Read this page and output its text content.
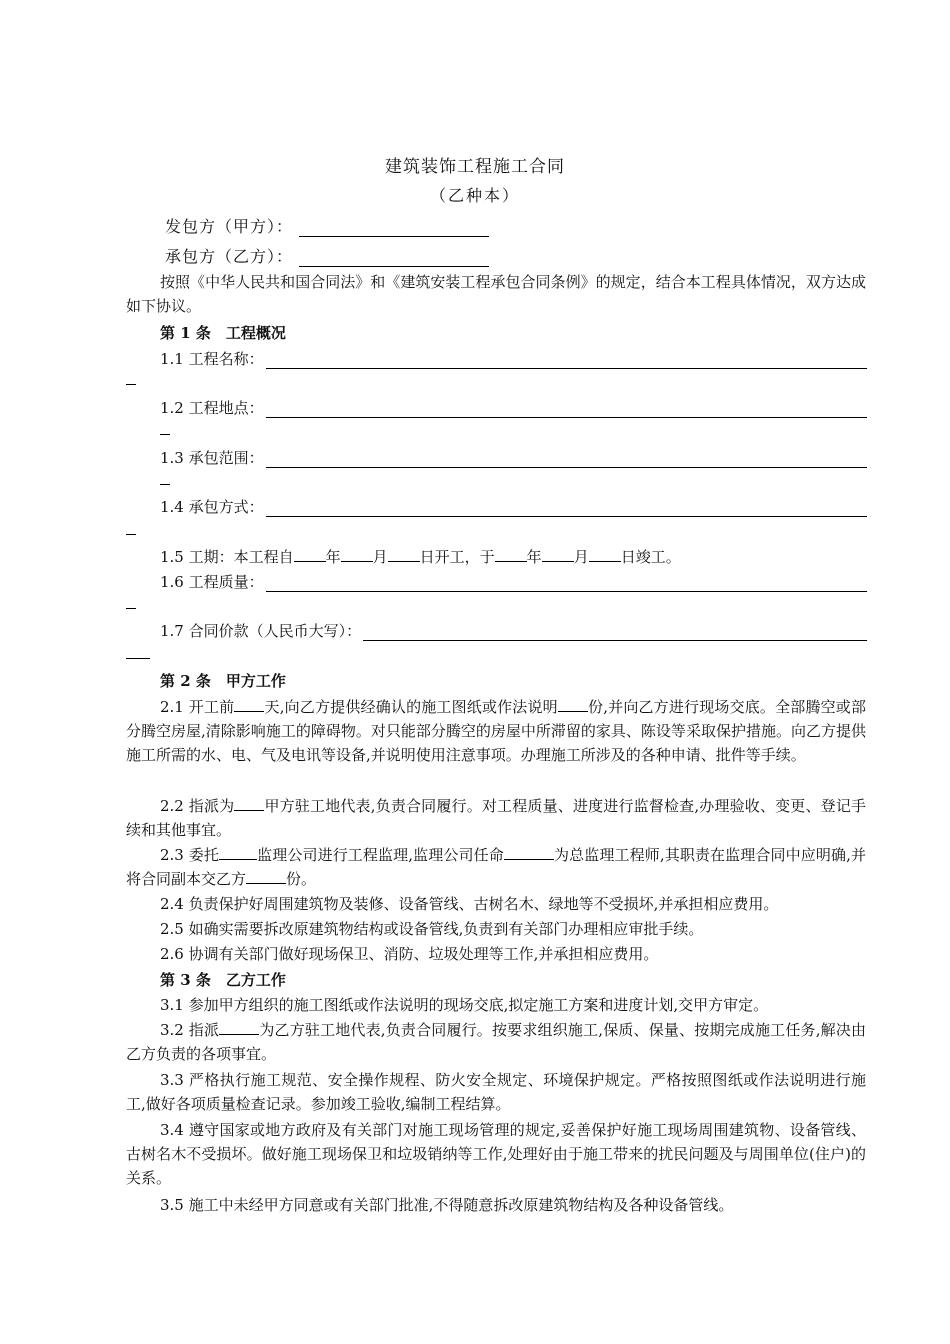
建筑装饰工程施工合同
（乙种本）
发包方（甲方）：
承包方（乙方）：
按照《中华人民共和国合同法》和《建筑安装工程承包合同条例》的规定，结合本工程具体情况，双方达成如下协议。
第 1 条　工程概况
1.1 工程名称：
1.2 工程地点：
1.3 承包范围：
1.4 承包方式：
1.5 工期：本工程自 年 月 日开工，于 年 月 日竣工。
1.6 工程质量：
1.7 合同价款（人民币大写）：
第 2 条　甲方工作
2.1 开工前 天,向乙方提供经确认的施工图纸或作法说明 份,并向乙方进行现场交底。全部腾空或部分腾空房屋,清除影响施工的障碍物。对只能部分腾空的房屋中所滞留的家具、陈设等采取保护措施。向乙方提供施工所需的水、电、气及电讯等设备,并说明使用注意事项。办理施工所涉及的各种申请、批件等手续。
2.2 指派为 甲方驻工地代表,负责合同履行。对工程质量、进度进行监督检查,办理验收、变更、登记手续和其他事宜。
2.3 委托	监理公司进行工程监理,监理公司任命	为总监理工程师,其职责在监理合同中应明确,并将合同副本交乙方	份。
2.4 负责保护好周围建筑物及装修、设备管线、古树名木、绿地等不受损坏,并承担相应费用。
2.5 如确实需要拆改原建筑物结构或设备管线,负责到有关部门办理相应审批手续。
2.6 协调有关部门做好现场保卫、消防、垃圾处理等工作,并承担相应费用。
第 3 条　乙方工作
3.1 参加甲方组织的施工图纸或作法说明的现场交底,拟定施工方案和进度计划,交甲方审定。
3.2 指派	为乙方驻工地代表,负责合同履行。按要求组织施工,保质、保量、按期完成施工任务,解决由乙方负责的各项事宜。
3.3 严格执行施工规范、安全操作规程、防火安全规定、环境保护规定。严格按照图纸或作法说明进行施工,做好各项质量检查记录。参加竣工验收,编制工程结算。
3.4 遵守国家或地方政府及有关部门对施工现场管理的规定,妥善保护好施工现场周围建筑物、设备管线、古树名木不受损坏。做好施工现场保卫和垃圾销纳等工作,处理好由于施工带来的扰民问题及与周围单位(住户)的关系。
3.5 施工中未经甲方同意或有关部门批准,不得随意拆改原建筑物结构及各种设备管线。
